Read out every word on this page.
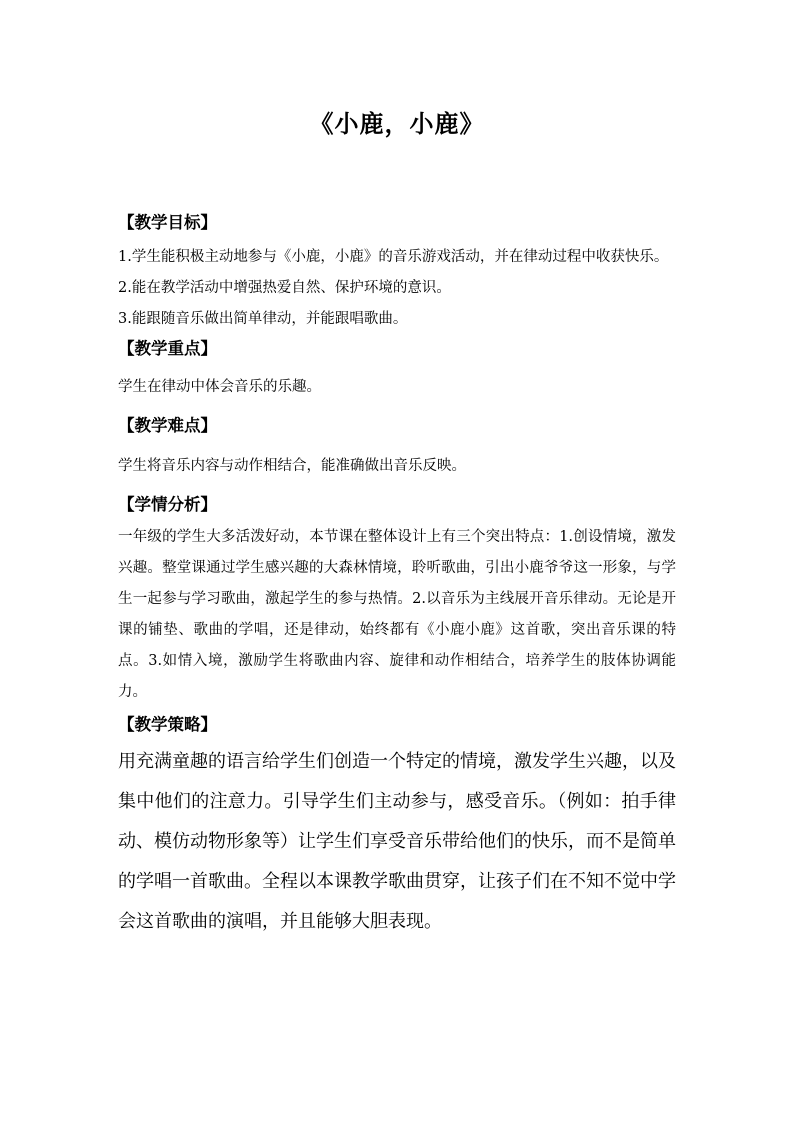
《小鹿，小鹿》
【教学目标】

1.学生能积极主动地参与《小鹿，小鹿》的音乐游戏活动，并在律动过程中收获快乐。

2.能在教学活动中增强热爱自然、保护环境的意识。

3.能跟随音乐做出简单律动，并能跟唱歌曲。

【教学重点】

学生在律动中体会音乐的乐趣。

【教学难点】

学生将音乐内容与动作相结合，能准确做出音乐反映。

【学情分析】

一年级的学生大多活泼好动，本节课在整体设计上有三个突出特点：1.创设情境，激发兴趣。整堂课通过学生感兴趣的大森林情境，聆听歌曲，引出小鹿爷爷这一形象，与学生一起参与学习歌曲，激起学生的参与热情。2.以音乐为主线展开音乐律动。无论是开课的铺垫、歌曲的学唱，还是律动，始终都有《小鹿小鹿》这首歌，突出音乐课的特点。3.如情入境，激励学生将歌曲内容、旋律和动作相结合，培养学生的肢体协调能力。

【教学策略】

用充满童趣的语言给学生们创造一个特定的情境，激发学生兴趣，以及集中他们的注意力。引导学生们主动参与，感受音乐。（例如：拍手律动、模仿动物形象等）让学生们享受音乐带给他们的快乐，而不是简单的学唱一首歌曲。全程以本课教学歌曲贯穿，让孩子们在不知不觉中学会这首歌曲的演唱，并且能够大胆表现。
